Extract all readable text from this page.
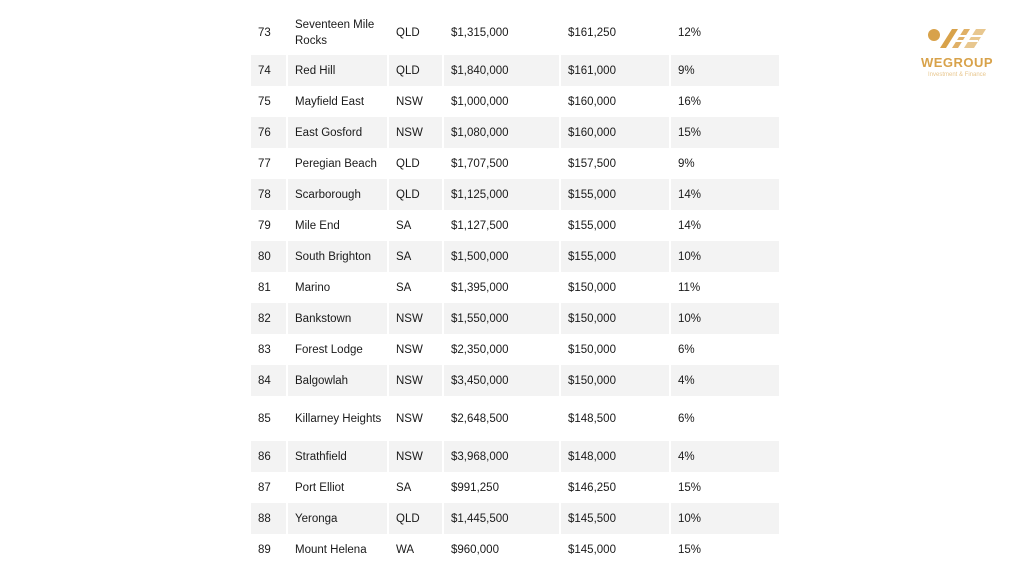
73	Seventeen Mile Rocks	QLD	$1,315,000	$161,250	12%
74	Red Hill	QLD	$1,840,000	$161,000	9%
75	Mayfield East	NSW	$1,000,000	$160,000	16%
76	East Gosford	NSW	$1,080,000	$160,000	15%
77	Peregian Beach	QLD	$1,707,500	$157,500	9%
78	Scarborough	QLD	$1,125,000	$155,000	14%
79	Mile End	SA	$1,127,500	$155,000	14%
80	South Brighton	SA	$1,500,000	$155,000	10%
81	Marino	SA	$1,395,000	$150,000	11%
82	Bankstown	NSW	$1,550,000	$150,000	10%
83	Forest Lodge	NSW	$2,350,000	$150,000	6%
84	Balgowlah	NSW	$3,450,000	$150,000	4%
85	Killarney Heights	NSW	$2,648,500	$148,500	6%
86	Strathfield	NSW	$3,968,000	$148,000	4%
87	Port Elliot	SA	$991,250	$146,250	15%
88	Yeronga	QLD	$1,445,500	$145,500	10%
89	Mount Helena	WA	$960,000	$145,000	15%
WEGROUP
Investment & Finance
